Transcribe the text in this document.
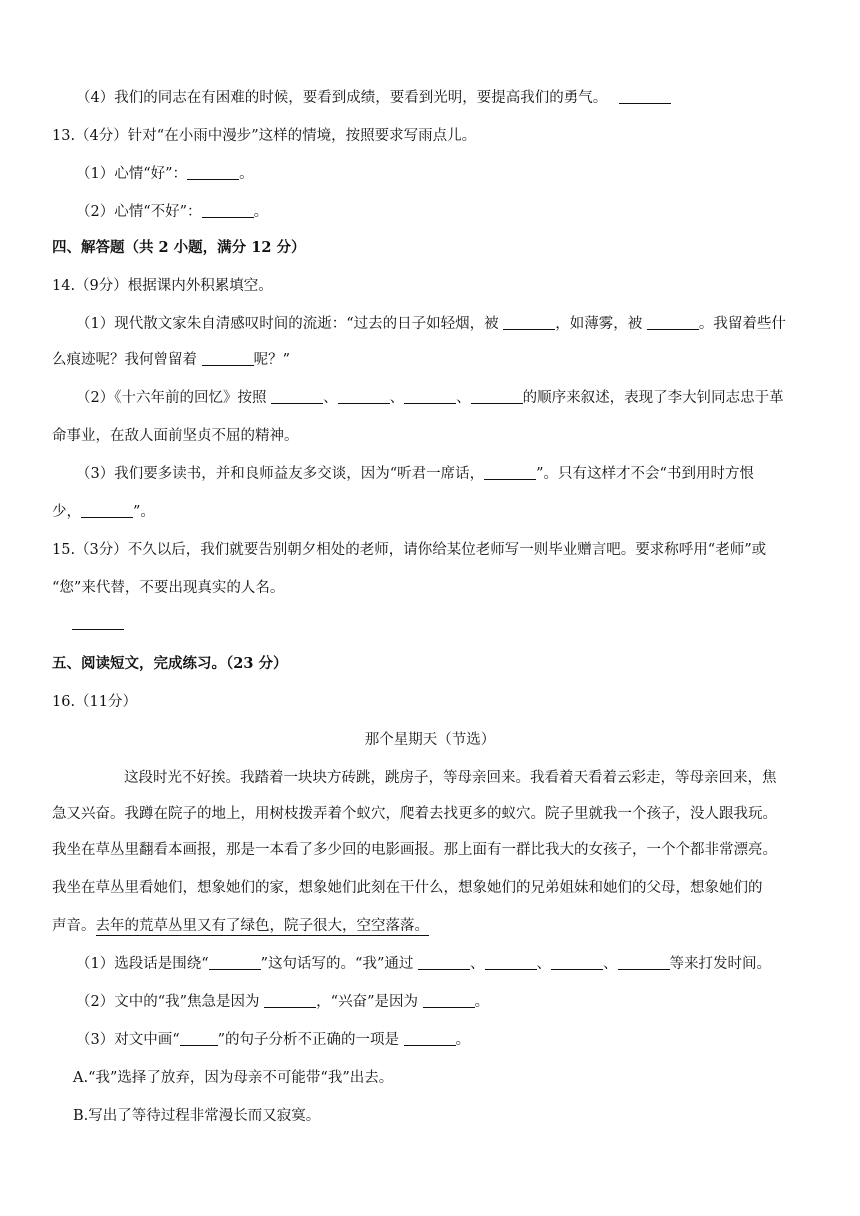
（4）我们的同志在有困难的时候，要看到成绩，要看到光明，要提高我们的勇气。
13.（4分）针对“在小雨中漫步”这样的情境，按照要求写雨点儿。
（1）心情“好”：	。
（2）心情“不好”：	。
四、解答题（共 2 小题，满分 12 分）
14.（9分）根据课内外积累填空。
（1）现代散文家朱自清感叹时间的流逝：“过去的日子如轻烟，被	，如薄雾，被	。我留着些什
么痕迹呢？我何曾留着	呢？”
（2）《十六年前的回忆》按照	、	、	、	的顺序来叙述，表现了李大钊同志忠于革
命事业，在敌人面前坚贞不屈的精神。
（3）我们要多读书，并和良师益友多交谈，因为“听君一席话，	”。只有这样才不会“书到用时方恨
少，	”。
15.（3分）不久以后，我们就要告别朝夕相处的老师，请你给某位老师写一则毕业赠言吧。要求称呼用“老师”或
“您”来代替，不要出现真实的人名。
五、阅读短文，完成练习。（23 分）
16.（11分）
那个星期天（节选）
这段时光不好挨。我踏着一块块方砖跳，跳房子，等母亲回来。我看着天看着云彩走，等母亲回来，焦
急又兴奋。我蹲在院子的地上，用树枝拨弄着个蚁穴，爬着去找更多的蚁穴。院子里就我一个孩子，没人跟我玩。
我坐在草丛里翻看本画报，那是一本看了多少回的电影画报。那上面有一群比我大的女孩子，一个个都非常漂亮。
我坐在草丛里看她们，想象她们的家，想象她们此刻在干什么，想象她们的兄弟姐妹和她们的父母，想象她们的
声音。去年的荒草丛里又有了绿色，院子很大，空空落落。
（1）选段话是围绕“	”这句话写的。“我”通过	、	、	、	等来打发时间。
（2）文中的“我”焦急是因为	，“兴奋”是因为	。
（3）对文中画“	”的句子分析不正确的一项是	。
A.“我”选择了放弃，因为母亲不可能带“我”出去。
B.写出了等待过程非常漫长而又寂寞。
